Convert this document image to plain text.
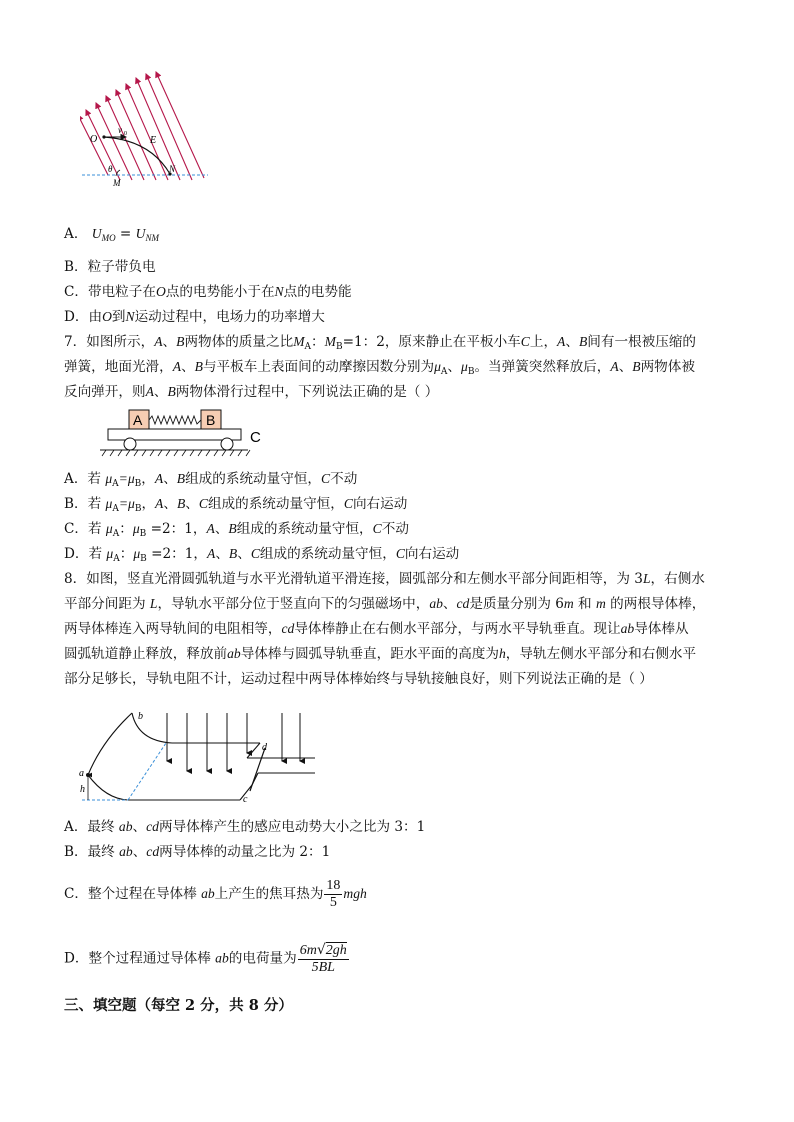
O
v 0
E
θ
M
N
A． $U_{MO} = U_{NM}$
B．粒子带负电
C．带电粒子在O点的电势能小于在N点的电势能
D．由O到N运动过程中，电场力的功率增大
7．如图所示，A、B两物体的质量之比$M_A$：$M_B=1$：2，原来静止在平板小车C上，A、B间有一根被压缩的
弹簧，地面光滑，A、B与平板车上表面间的动摩擦因数分别为$\mu_A$、$\mu_B$。当弹簧突然释放后，A、B两物体被
反向弹开，则A、B两物体滑行过程中，下列说法正确的是（ ）
A	B
C
A．若 $\mu_A=\mu_B$，A、B组成的系统动量守恒，C不动
B．若 $\mu_A=\mu_B$，A、B、C组成的系统动量守恒，C向右运动
C．若 $\mu_A$：$\mu_B =2$：1，A、B组成的系统动量守恒，C不动
D．若 $\mu_A$：$\mu_B =2$：1，A、B、C组成的系统动量守恒，C向右运动
8．如图，竖直光滑圆弧轨道与水平光滑轨道平滑连接，圆弧部分和左侧水平部分间距相等，为 3L，右侧水
平部分间距为 L，导轨水平部分位于竖直向下的匀强磁场中，ab、cd是质量分别为 6m 和 m 的两根导体棒，
两导体棒连入两导轨间的电阻相等，cd导体棒静止在右侧水平部分，与两水平导轨垂直。现让ab导体棒从
圆弧轨道静止释放，释放前ab导体棒与圆弧导轨垂直，距水平面的高度为h，导轨左侧水平部分和右侧水平
部分足够长，导轨电阻不计，运动过程中两导体棒始终与导轨接触良好，则下列说法正确的是（ ）
b
a
h
d
c
A．最终 ab、cd两导体棒产生的感应电动势大小之比为 3：1
B．最终 ab、cd两导体棒的动量之比为 2：1
C．整个过程在导体棒 ab上产生的焦耳热为 $\frac{18}{5}$ mgh
D．整个过程通过导体棒 ab的电荷量为 $\frac{6m√2gh}{5BL}$
三、填空题（每空 2 分，共 8 分）
